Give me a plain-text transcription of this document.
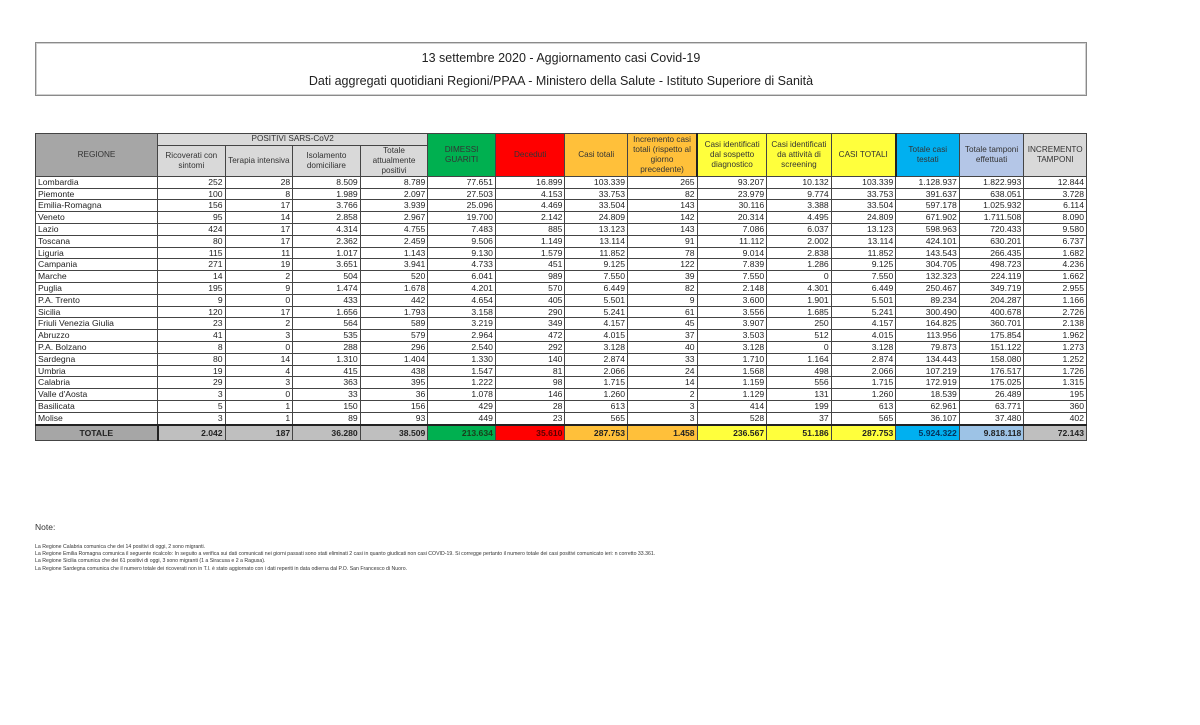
13 settembre 2020 - Aggiornamento casi Covid-19
Dati aggregati quotidiani Regioni/PPAA - Ministero della Salute - Istituto Superiore di Sanità
REGIONE	POSITIVI SARS-CoV2				DIMESSI GUARITI	Deceduti	Casi totali	Incremento casi totali (rispetto al giorno precedente)	Casi identificati dal sospetto diagnostico	Casi identificati da attività di screening	CASI TOTALI	Totale casi testati	Totale tamponi effettuati	INCREMENTO TAMPONI
	Ricoverati con sintomi	Terapia intensiva	Isolamento domiciliare	Totale attualmente positivi										
Lombardia	252	28	8.509	8.789	77.651	16.899	103.339	265	93.207	10.132	103.339	1.128.937	1.822.993	12.844
Piemonte	100	8	1.989	2.097	27.503	4.153	33.753	82	23.979	9.774	33.753	391.637	638.051	3.728
Emilia-Romagna	156	17	3.766	3.939	25.096	4.469	33.504	143	30.116	3.388	33.504	597.178	1.025.932	6.114
Veneto	95	14	2.858	2.967	19.700	2.142	24.809	142	20.314	4.495	24.809	671.902	1.711.508	8.090
Lazio	424	17	4.314	4.755	7.483	885	13.123	143	7.086	6.037	13.123	598.963	720.433	9.580
Toscana	80	17	2.362	2.459	9.506	1.149	13.114	91	11.112	2.002	13.114	424.101	630.201	6.737
Liguria	115	11	1.017	1.143	9.130	1.579	11.852	78	9.014	2.838	11.852	143.543	266.435	1.682
Campania	271	19	3.651	3.941	4.733	451	9.125	122	7.839	1.286	9.125	304.705	498.723	4.236
Marche	14	2	504	520	6.041	989	7.550	39	7.550	0	7.550	132.323	224.119	1.662
Puglia	195	9	1.474	1.678	4.201	570	6.449	82	2.148	4.301	6.449	250.467	349.719	2.955
P.A. Trento	9	0	433	442	4.654	405	5.501	9	3.600	1.901	5.501	89.234	204.287	1.166
Sicilia	120	17	1.656	1.793	3.158	290	5.241	61	3.556	1.685	5.241	300.490	400.678	2.726
Friuli Venezia Giulia	23	2	564	589	3.219	349	4.157	45	3.907	250	4.157	164.825	360.701	2.138
Abruzzo	41	3	535	579	2.964	472	4.015	37	3.503	512	4.015	113.956	175.854	1.962
P.A. Bolzano	8	0	288	296	2.540	292	3.128	40	3.128	0	3.128	79.873	151.122	1.273
Sardegna	80	14	1.310	1.404	1.330	140	2.874	33	1.710	1.164	2.874	134.443	158.080	1.252
Umbria	19	4	415	438	1.547	81	2.066	24	1.568	498	2.066	107.219	176.517	1.726
Calabria	29	3	363	395	1.222	98	1.715	14	1.159	556	1.715	172.919	175.025	1.315
Valle d'Aosta	3	0	33	36	1.078	146	1.260	2	1.129	131	1.260	18.539	26.489	195
Basilicata	5	1	150	156	429	28	613	3	414	199	613	62.961	63.771	360
Molise	3	1	89	93	449	23	565	3	528	37	565	36.107	37.480	402
TOTALE	2.042	187	36.280	38.509	213.634	35.610	287.753	1.458	236.567	51.186	287.753	5.924.322	9.818.118	72.143
Note:
La Regione Calabria comunica che dei 14 positivi di oggi, 2 sono migranti.
La Regione Emilia Romagna comunica il seguente ricalcolo: In seguito a verifica sui dati comunicati nei giorni passati sono stati eliminati 2 casi in quanto giudicati non casi COVID-19. Si corregge pertanto il numero totale dei casi positivi comunicato ieri: n corretto 33.361.
La Regione Sicilia comunica che dei 61 positivi di oggi, 3 sono migranti (1 a Siracusa e 2 a Ragusa).
La Regione Sardegna comunica che il numero totale dei ricoverati non in T.I. è stato aggiornato con i dati reperiti in data odierna dal P.O. San Francesco di Nuoro.
